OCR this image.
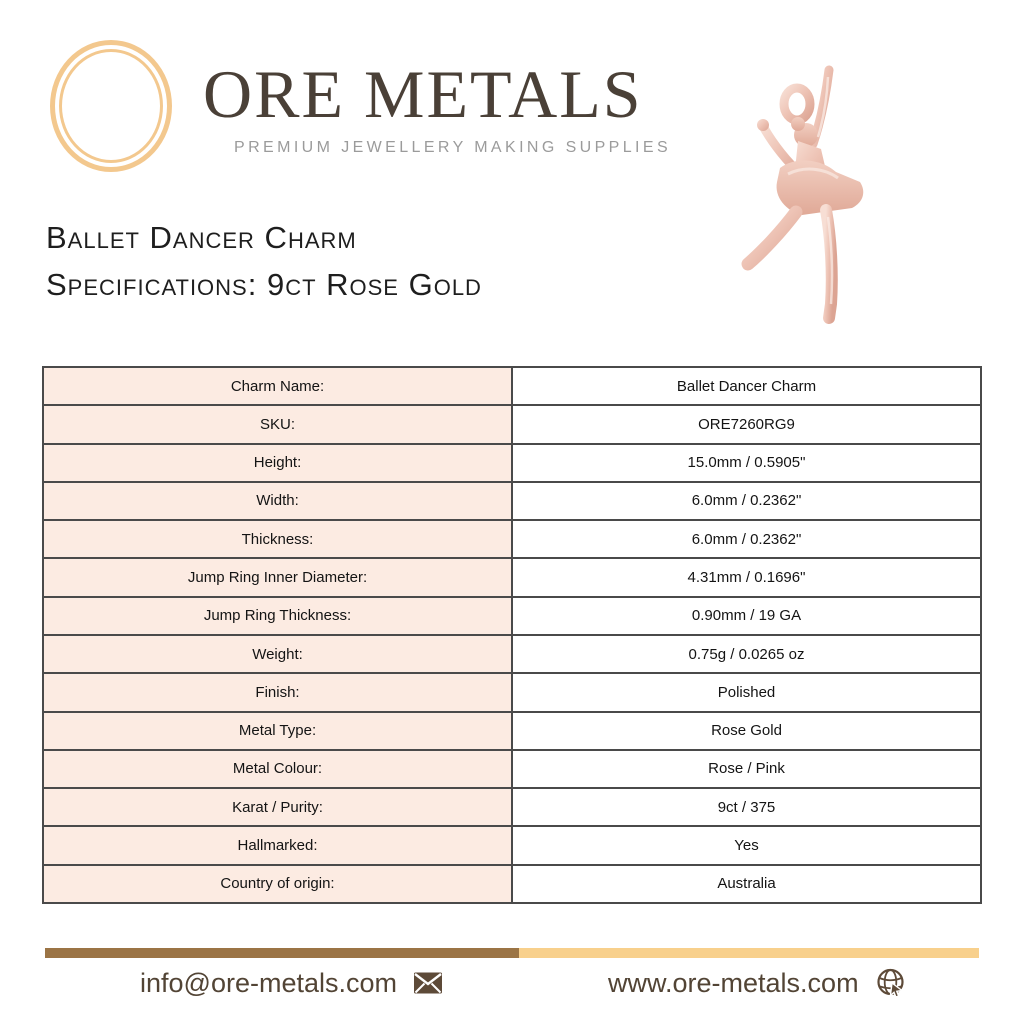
ORE METALS

PREMIUM JEWELLERY MAKING SUPPLIES

Ballet Dancer Charm
Specifications: 9ct Rose Gold
Charm Name:	Ballet Dancer Charm
SKU:	ORE7260RG9
Height:	15.0mm / 0.5905"
Width:	6.0mm / 0.2362"
Thickness:	6.0mm / 0.2362"
Jump Ring Inner Diameter:	4.31mm / 0.1696"
Jump Ring Thickness:	0.90mm / 19 GA
Weight:	0.75g / 0.0265 oz
Finish:	Polished
Metal Type:	Rose Gold
Metal Colour:	Rose / Pink
Karat / Purity:	9ct / 375
Hallmarked:	Yes
Country of origin:	Australia
info@ore-metals.com	www.ore-metals.com
